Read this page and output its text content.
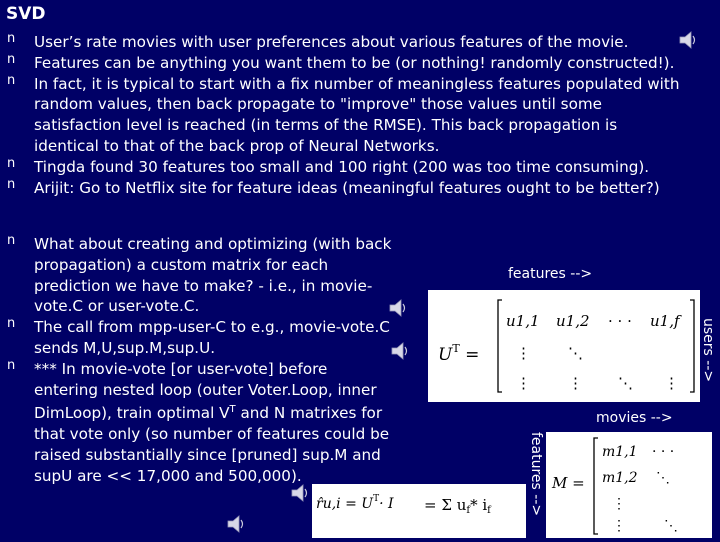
SVD
n
User’s rate movies with user preferences about various features of the movie.
n
Features can be anything you want them to be (or nothing! randomly constructed!).
n
In fact, it is typical to start with a fix number of meaningless features populated with
random values, then back propagate to "improve" those values until some
satisfaction level is reached (in terms of the RMSE). This back propagation is
identical to that of the back prop of Neural Networks.
n
Tingda found 30 features too small and 100 right (200 was too time consuming).
n
Arijit: Go to Netflix site for feature ideas (meaningful features ought to be better?)
n
What about creating and optimizing (with back
propagation) a custom matrix for each
prediction we have to make? - i.e., in movie-
vote.C or user-vote.C.
n
The call from mpp-user-C to e.g., movie-vote.C
sends M,U,sup.M,sup.U.
n
*** In movie-vote [or user-vote] before
entering nested loop (outer Voter.Loop, inner
DimLoop), train optimal $V^T$ and N matrixes for
that vote only (so number of features could be
raised substantially since [pruned] sup.M and
supU are << 17,000 and 500,000).
features -->
$U^T$ =
u1,1 u1,2 · · · u1,f
⋮ ⋱
⋮ ⋮ ⋱ ⋮
users -->
movies -->
M =
m1,1 · · ·
m1,2 ⋱
⋮
⋮	⋱
features -->
r̂u,i = $U^T\cdot I = \Sigma$ $u_f*$ $i_f$
